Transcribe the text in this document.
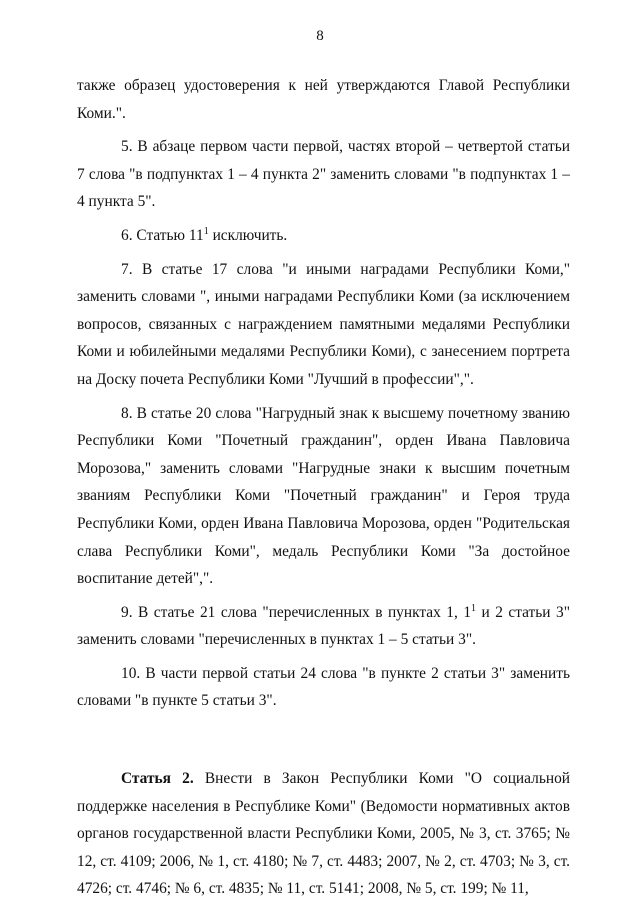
8

также образец удостоверения к ней утверждаются Главой Республики Коми.".

5. В абзаце первом части первой, частях второй – четвертой статьи 7 слова "в подпунктах 1 – 4 пункта 2" заменить словами "в подпунктах 1 – 4 пункта 5".

6. Статью $11^1$ исключить.

7. В статье 17 слова "и иными наградами Республики Коми," заменить словами ", иными наградами Республики Коми (за исключением вопросов, связанных с награждением памятными медалями Республики Коми и юбилейными медалями Республики Коми), с занесением портрета на Доску почета Республики Коми "Лучший в профессии",".

8. В статье 20 слова "Нагрудный знак к высшему почетному званию Республики Коми "Почетный гражданин", орден Ивана Павловича Морозова," заменить словами "Нагрудные знаки к высшим почетным званиям Республики Коми "Почетный гражданин" и Героя труда Республики Коми, орден Ивана Павловича Морозова, орден "Родительская слава Республики Коми", медаль Республики Коми "За достойное воспитание детей",".

9. В статье 21 слова "перечисленных в пунктах 1, $1^1$ и 2 статьи 3" заменить словами "перечисленных в пунктах 1 – 5 статьи 3".

10. В части первой статьи 24 слова "в пункте 2 статьи 3" заменить словами "в пункте 5 статьи 3".

Статья 2. Внести в Закон Республики Коми "О социальной поддержке населения в Республике Коми" (Ведомости нормативных актов органов государственной власти Республики Коми, 2005, № 3, ст. 3765; № 12, ст. 4109; 2006, № 1, ст. 4180; № 7, ст. 4483; 2007, № 2, ст. 4703; № 3, ст. 4726; ст. 4746; № 6, ст. 4835; № 11, ст. 5141; 2008, № 5, ст. 199; № 11,
